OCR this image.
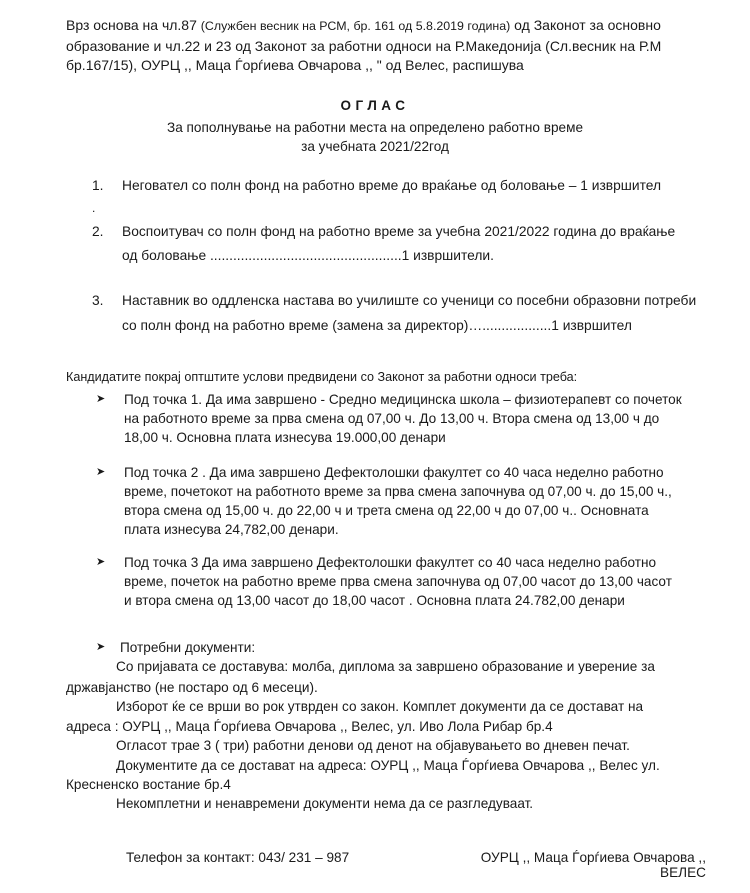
Врз основа на чл.87 (Службен весник на РСМ, бр. 161 од 5.8.2019 година) од Законот за основно
образование и чл.22 и 23 од Законот за работни односи на Р.Македонија (Сл.весник на Р.М
бр.167/15), ОУРЦ ,, Маца Ѓорѓиева Овчарова ,, " од Велес, распишува
ОГЛАС
За пополнување на работни места на определено работно време
за учебната 2021/22год
1. Неговател со полн фонд на работно време до враќање од боловање – 1 извршител
.
2. Воспоитувач со полн фонд на работно време за учебна 2021/2022 година до враќање
од боловање ..................................................1 извршители.
3. Наставник во оддленска настава во училиште со ученици со посебни образовни потреби
со полн фонд на работно време (замена за директор)…..................1 извршител
Кандидатите покрај оптштите услови предвидени со Законот за работни односи треба:
➤ Под точка 1. Да има завршено - Средно медицинска школа – физиотерапевт со почеток
на работното време за прва смена од 07,00 ч. До 13,00 ч. Втора смена од 13,00 ч до
18,00 ч. Основна плата изнесува 19.000,00 денари
➤ Под точка 2 . Да има завршено Дефектолошки факултет со 40 часа неделно работно
време, почетокот на работното време за прва смена започнува од 07,00 ч. до 15,00 ч.,
втора смена од 15,00 ч. до 22,00 ч и трета смена од 22,00 ч до 07,00 ч.. Основната
плата изнесува 24,782,00 денари.
➤ Под точка 3 Да има завршено Дефектолошки факултет со 40 часа неделно работно
време, почеток на работно време прва смена започнува од 07,00 часот до 13,00 часот
и втора смена од 13,00 часот до 18,00 часот . Основна плата 24.782,00 денари
➤ Потребни документи:
Со пријавата се доставува: молба, диплома за завршено образование и уверение за
државјанство (не постаро од 6 месеци).
Изборот ќе се врши во рок утврден со закон. Комплет документи да се достават на
адреса : ОУРЦ ,, Маца Ѓорѓиева Овчарова ,, Велес, ул. Иво Лола Рибар бр.4
Огласот трае 3 ( три) работни денови од денот на објавувањето во дневен печат.
Документите да се достават на адреса: ОУРЦ ,, Маца Ѓорѓиева Овчарова ,, Велес ул.
Кресненско востание бр.4
Некомплетни и ненавремени документи нема да се разгледуваат.
Телефон за контакт: 043/ 231 – 987	ОУРЦ ,, Маца Ѓорѓиева Овчарова ,,
ВЕЛЕС
